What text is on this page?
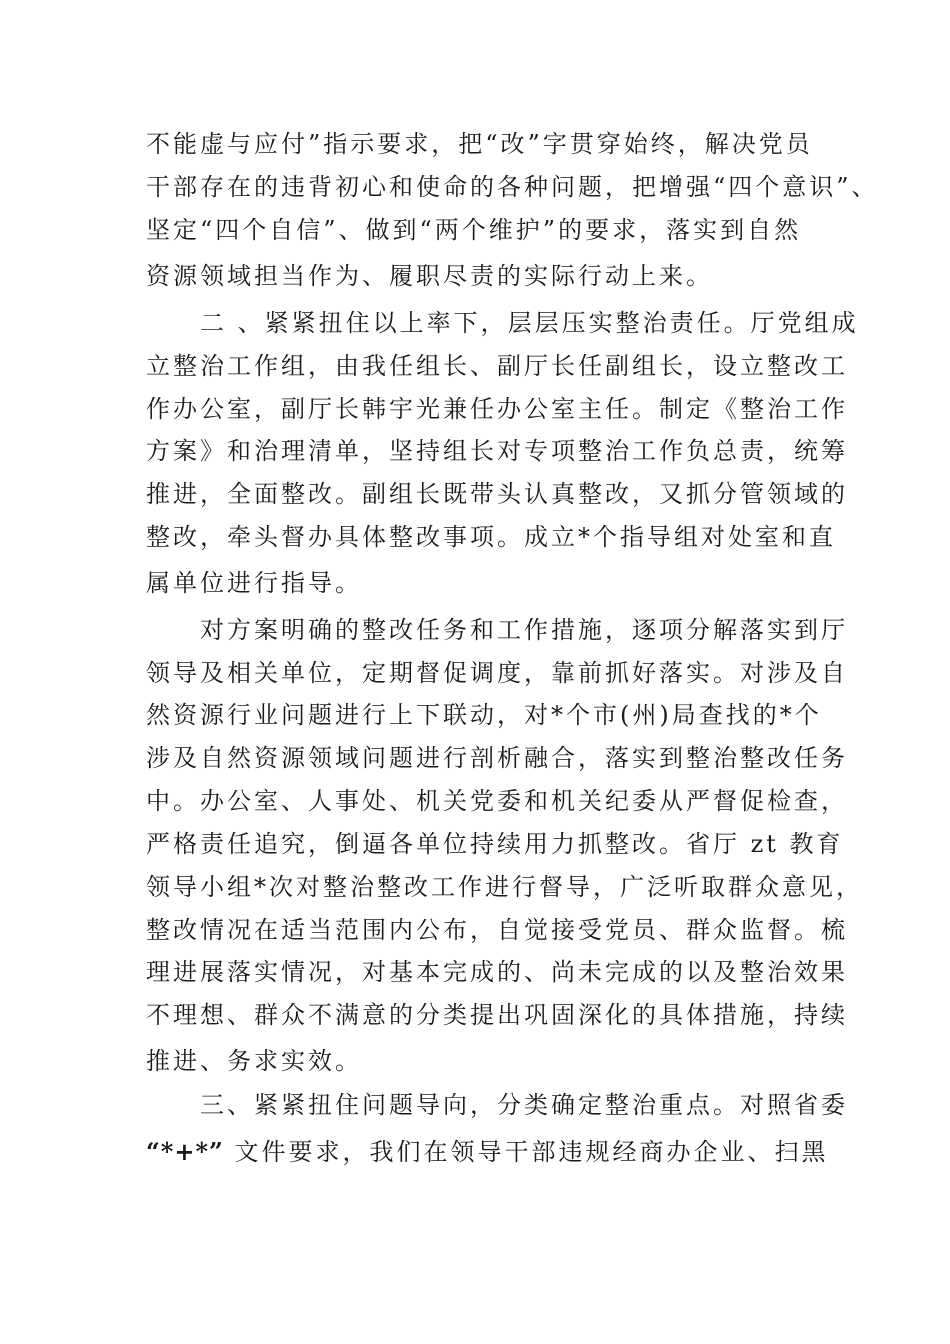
不能虚与应付”指示要求，把“改”字贯穿始终，解决党员
干部存在的违背初心和使命的各种问题，把增强“四个意识”、
坚定“四个自信”、做到“两个维护”的要求，落实到自然
资源领域担当作为、履职尽责的实际行动上来。
二 、紧紧扭住以上率下，层层压实整治责任。厅党组成
立整治工作组，由我任组长、副厅长任副组长，设立整改工
作办公室，副厅长韩宇光兼任办公室主任。制定《整治工作
方案》和治理清单，坚持组长对专项整治工作负总责，统筹
推进，全面整改。副组长既带头认真整改，又抓分管领域的
整改，牵头督办具体整改事项。成立*个指导组对处室和直
属单位进行指导。
对方案明确的整改任务和工作措施，逐项分解落实到厅
领导及相关单位，定期督促调度，靠前抓好落实。对涉及自
然资源行业问题进行上下联动，对*个市(州)局查找的*个
涉及自然资源领域问题进行剖析融合，落实到整治整改任务
中。办公室、人事处、机关党委和机关纪委从严督促检查，
严格责任追究，倒逼各单位持续用力抓整改。省厅 zt 教育
领导小组*次对整治整改工作进行督导，广泛听取群众意见，
整改情况在适当范围内公布，自觉接受党员、群众监督。梳
理进展落实情况，对基本完成的、尚未完成的以及整治效果
不理想、群众不满意的分类提出巩固深化的具体措施，持续
推进、务求实效。
三、紧紧扭住问题导向，分类确定整治重点。对照省委
“*+*” 文件要求，我们在领导干部违规经商办企业、扫黑
